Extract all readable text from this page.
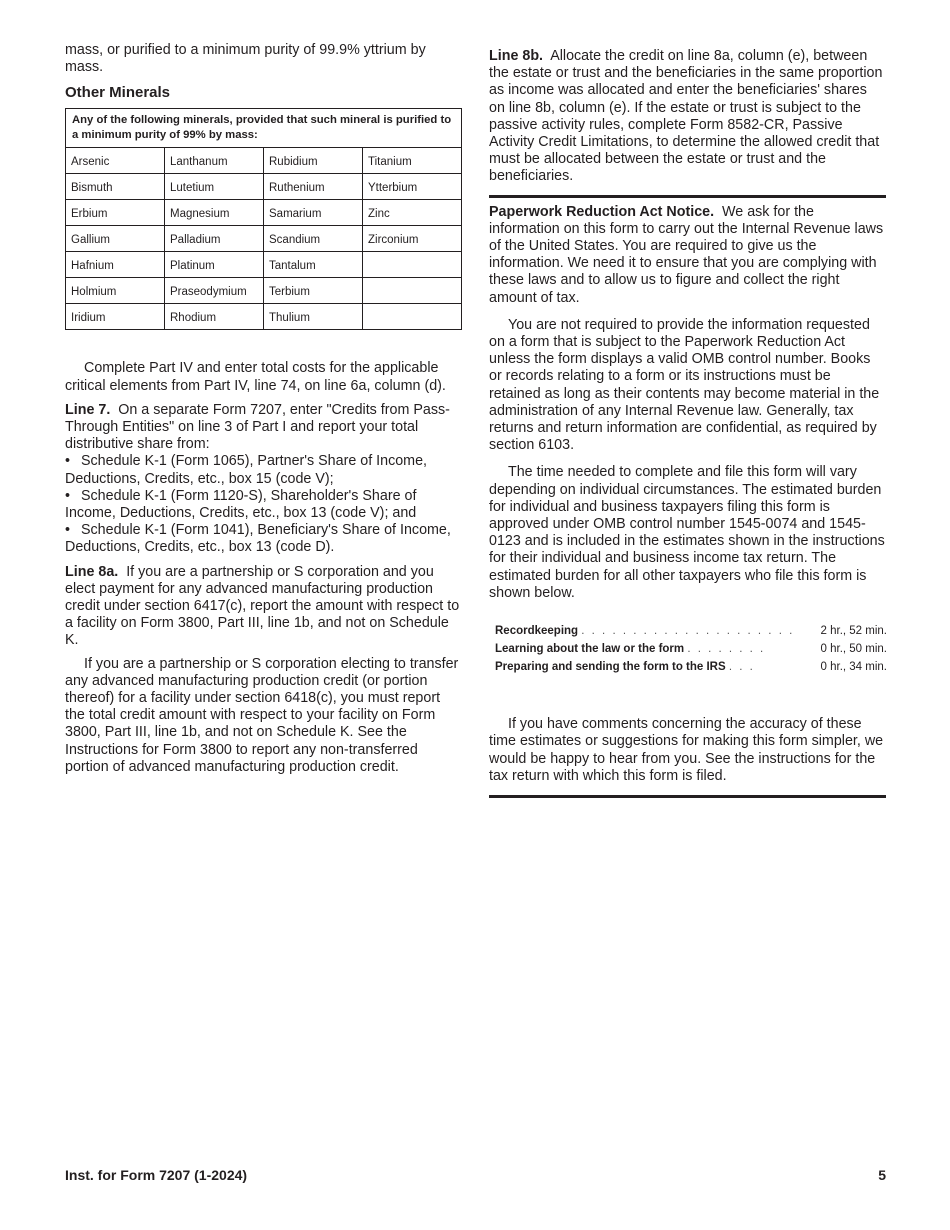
mass, or purified to a minimum purity of 99.9% yttrium by mass.

Other Minerals
Any of the following minerals, provided that such mineral is purified to a minimum purity of 99% by mass:			
Arsenic	Lanthanum	Rubidium	Titanium
Bismuth	Lutetium	Ruthenium	Ytterbium
Erbium	Magnesium	Samarium	Zinc
Gallium	Palladium	Scandium	Zirconium
Hafnium	Platinum	Tantalum	
Holmium	Praseodymium	Terbium	
Iridium	Rhodium	Thulium	

Complete Part IV and enter total costs for the applicable critical elements from Part IV, line 74, on line 6a, column (d).

Line 7. On a separate Form 7207, enter "Credits from Pass-Through Entities" on line 3 of Part I and report your total distributive share from:

• Schedule K-1 (Form 1065), Partner's Share of Income, Deductions, Credits, etc., box 15 (code V);
• Schedule K-1 (Form 1120-S), Shareholder's Share of Income, Deductions, Credits, etc., box 13 (code V); and
• Schedule K-1 (Form 1041), Beneficiary's Share of Income, Deductions, Credits, etc., box 13 (code D).

Line 8a. If you are a partnership or S corporation and you elect payment for any advanced manufacturing production credit under section 6417(c), report the amount with respect to a facility on Form 3800, Part III, line 1b, and not on Schedule K.

If you are a partnership or S corporation electing to transfer any advanced manufacturing production credit (or portion thereof) for a facility under section 6418(c), you must report the total credit amount with respect to your facility on Form 3800, Part III, line 1b, and not on Schedule K. See the Instructions for Form 3800 to report any non-transferred portion of advanced manufacturing production credit.

Line 8b. Allocate the credit on line 8a, column (e), between the estate or trust and the beneficiaries in the same proportion as income was allocated and enter the beneficiaries' shares on line 8b, column (e). If the estate or trust is subject to the passive activity rules, complete Form 8582-CR, Passive Activity Credit Limitations, to determine the allowed credit that must be allocated between the estate or trust and the beneficiaries.

Paperwork Reduction Act Notice. We ask for the information on this form to carry out the Internal Revenue laws of the United States. You are required to give us the information. We need it to ensure that you are complying with these laws and to allow us to figure and collect the right amount of tax.

You are not required to provide the information requested on a form that is subject to the Paperwork Reduction Act unless the form displays a valid OMB control number. Books or records relating to a form or its instructions must be retained as long as their contents may become material in the administration of any Internal Revenue law. Generally, tax returns and return information are confidential, as required by section 6103.

The time needed to complete and file this form will vary depending on individual circumstances. The estimated burden for individual and business taxpayers filing this form is approved under OMB control number 1545-0074 and 1545-0123 and is included in the estimates shown in the instructions for their individual and business income tax return. The estimated burden for all other taxpayers who file this form is shown below.

Recordkeeping . . . . . . . . . . . . . . . . . . . . .	2 hr., 52 min.
Learning about the law or the form . . . . . . . .	0 hr., 50 min.
Preparing and sending the form to the IRS . . .	0 hr., 34 min.

If you have comments concerning the accuracy of these time estimates or suggestions for making this form simpler, we would be happy to hear from you. See the instructions for the tax return with which this form is filed.

Inst. for Form 7207 (1-2024)	5
